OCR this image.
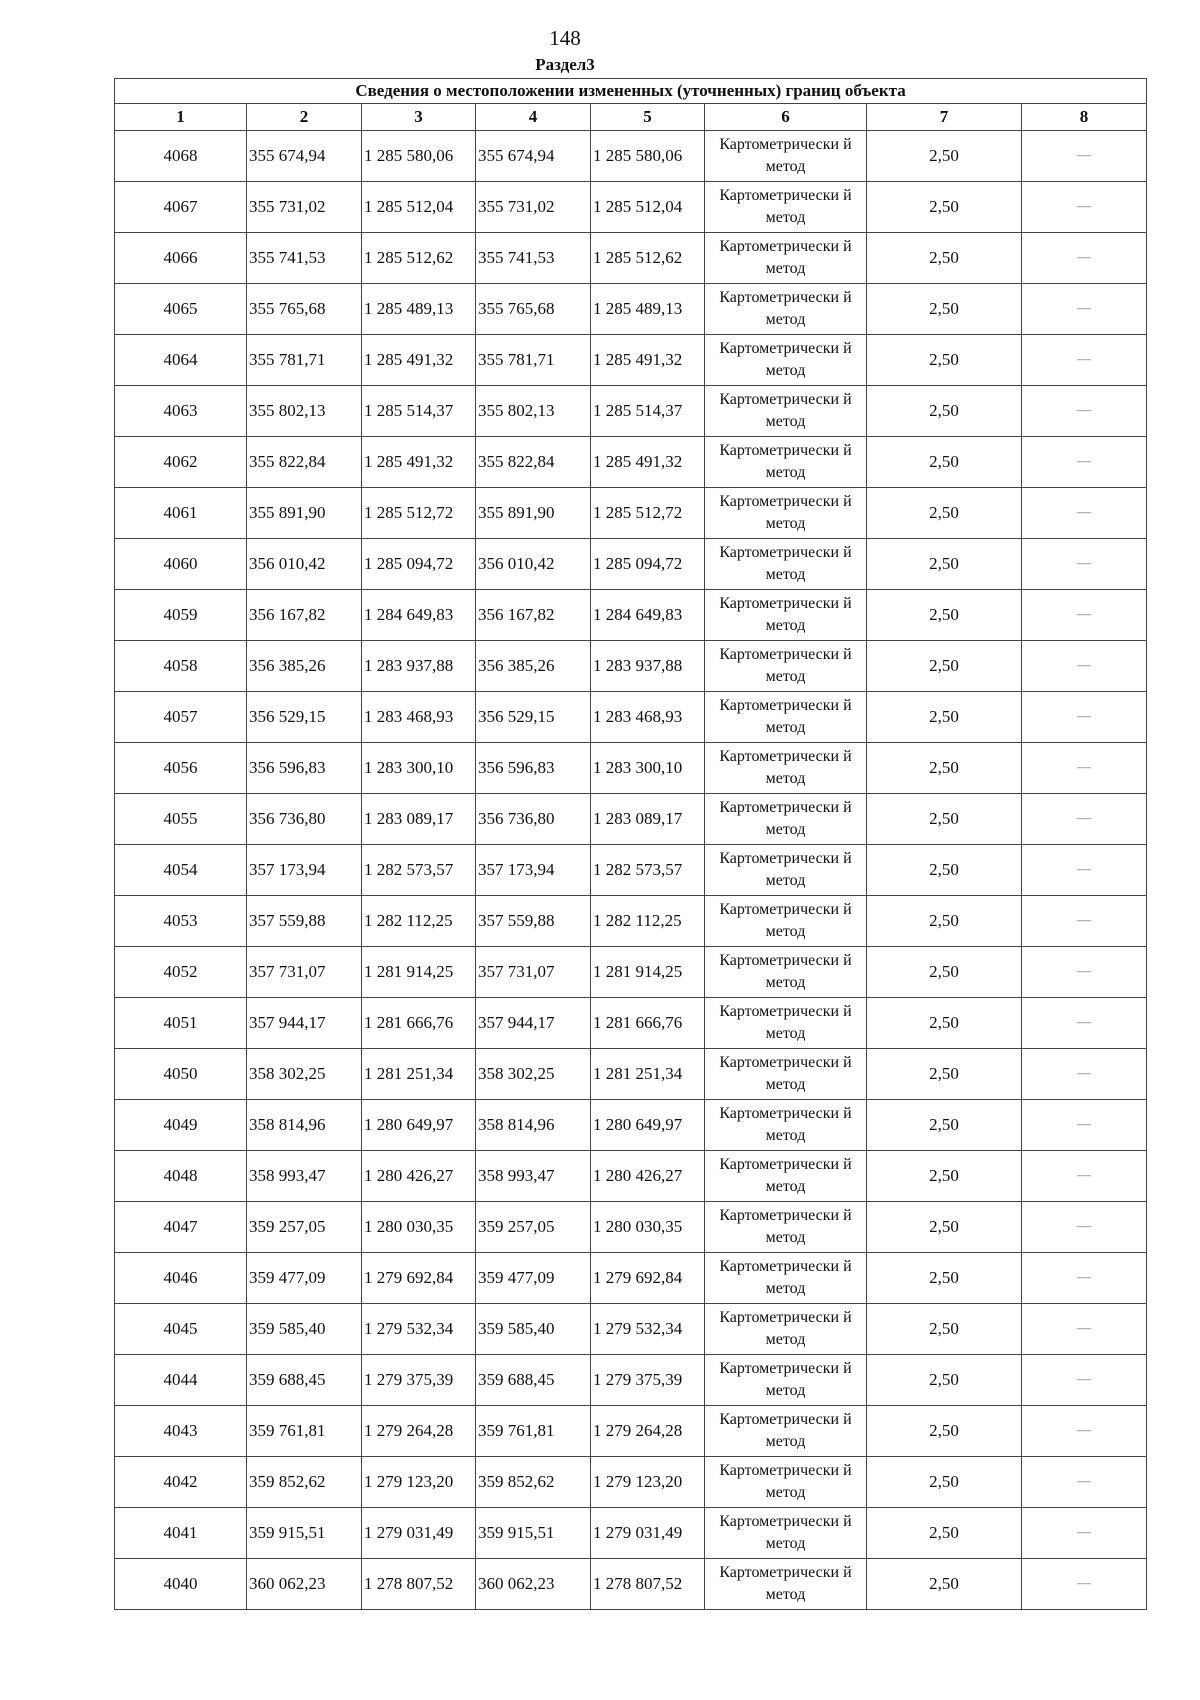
148
Раздел3
Сведения о местоположении измененных (уточненных) границ объекта							
1	2	3	4	5	6	7	8
4068	355 674,94	1 285 580,06	355 674,94	1 285 580,06	Картометрически й метод	2,50	—
4067	355 731,02	1 285 512,04	355 731,02	1 285 512,04	Картометрически й метод	2,50	—
4066	355 741,53	1 285 512,62	355 741,53	1 285 512,62	Картометрически й метод	2,50	—
4065	355 765,68	1 285 489,13	355 765,68	1 285 489,13	Картометрически й метод	2,50	—
4064	355 781,71	1 285 491,32	355 781,71	1 285 491,32	Картометрически й метод	2,50	—
4063	355 802,13	1 285 514,37	355 802,13	1 285 514,37	Картометрически й метод	2,50	—
4062	355 822,84	1 285 491,32	355 822,84	1 285 491,32	Картометрически й метод	2,50	—
4061	355 891,90	1 285 512,72	355 891,90	1 285 512,72	Картометрически й метод	2,50	—
4060	356 010,42	1 285 094,72	356 010,42	1 285 094,72	Картометрически й метод	2,50	—
4059	356 167,82	1 284 649,83	356 167,82	1 284 649,83	Картометрически й метод	2,50	—
4058	356 385,26	1 283 937,88	356 385,26	1 283 937,88	Картометрически й метод	2,50	—
4057	356 529,15	1 283 468,93	356 529,15	1 283 468,93	Картометрически й метод	2,50	—
4056	356 596,83	1 283 300,10	356 596,83	1 283 300,10	Картометрически й метод	2,50	—
4055	356 736,80	1 283 089,17	356 736,80	1 283 089,17	Картометрически й метод	2,50	—
4054	357 173,94	1 282 573,57	357 173,94	1 282 573,57	Картометрически й метод	2,50	—
4053	357 559,88	1 282 112,25	357 559,88	1 282 112,25	Картометрически й метод	2,50	—
4052	357 731,07	1 281 914,25	357 731,07	1 281 914,25	Картометрически й метод	2,50	—
4051	357 944,17	1 281 666,76	357 944,17	1 281 666,76	Картометрически й метод	2,50	—
4050	358 302,25	1 281 251,34	358 302,25	1 281 251,34	Картометрически й метод	2,50	—
4049	358 814,96	1 280 649,97	358 814,96	1 280 649,97	Картометрически й метод	2,50	—
4048	358 993,47	1 280 426,27	358 993,47	1 280 426,27	Картометрически й метод	2,50	—
4047	359 257,05	1 280 030,35	359 257,05	1 280 030,35	Картометрически й метод	2,50	—
4046	359 477,09	1 279 692,84	359 477,09	1 279 692,84	Картометрически й метод	2,50	—
4045	359 585,40	1 279 532,34	359 585,40	1 279 532,34	Картометрически й метод	2,50	—
4044	359 688,45	1 279 375,39	359 688,45	1 279 375,39	Картометрически й метод	2,50	—
4043	359 761,81	1 279 264,28	359 761,81	1 279 264,28	Картометрически й метод	2,50	—
4042	359 852,62	1 279 123,20	359 852,62	1 279 123,20	Картометрически й метод	2,50	—
4041	359 915,51	1 279 031,49	359 915,51	1 279 031,49	Картометрически й метод	2,50	—
4040	360 062,23	1 278 807,52	360 062,23	1 278 807,52	Картометрически й метод	2,50	—
